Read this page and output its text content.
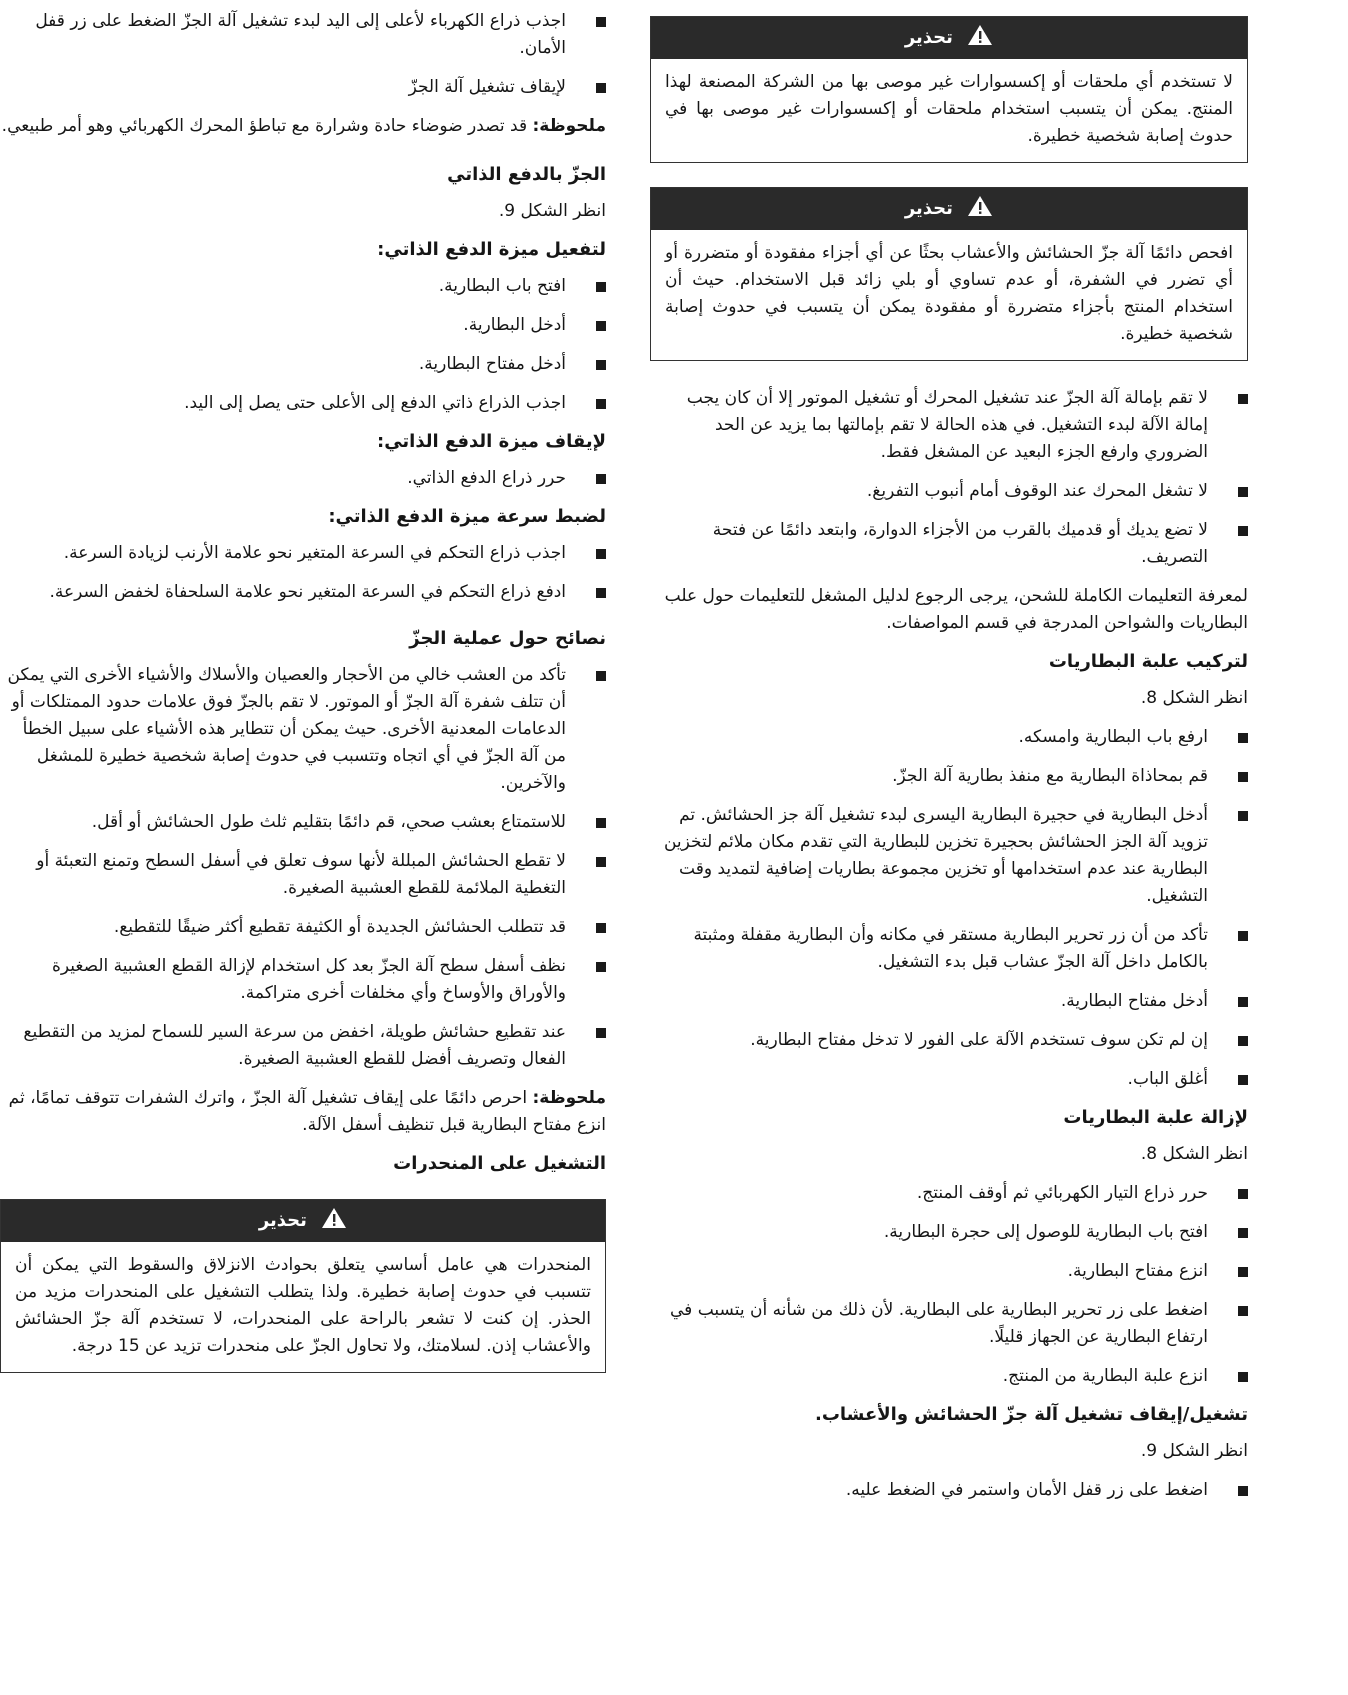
تحذير
لا تستخدم أي ملحقات أو إكسسوارات غير موصى بها من الشركة المصنعة لهذا المنتج. يمكن أن يتسبب استخدام ملحقات أو إكسسوارات غير موصى بها في حدوث إصابة شخصية خطيرة.
تحذير
افحص دائمًا آلة جزّ الحشائش والأعشاب بحثًا عن أي أجزاء مفقودة أو متضررة أو أي تضرر في الشفرة، أو عدم تساوي أو بلي زائد قبل الاستخدام. حيث أن استخدام المنتج بأجزاء متضررة أو مفقودة يمكن أن يتسبب في حدوث إصابة شخصية خطيرة.
لا تقم بإمالة آلة الجزّ عند تشغيل المحرك أو تشغيل الموتور إلا أن كان يجب إمالة الآلة لبدء التشغيل. في هذه الحالة لا تقم بإمالتها بما يزيد عن الحد الضروري وارفع الجزء البعيد عن المشغل فقط.
لا تشغل المحرك عند الوقوف أمام أنبوب التفريغ.
لا تضع يديك أو قدميك بالقرب من الأجزاء الدوارة، وابتعد دائمًا عن فتحة التصريف.

لمعرفة التعليمات الكاملة للشحن، يرجى الرجوع لدليل المشغل للتعليمات حول علب البطاريات والشواحن المدرجة في قسم المواصفات.

لتركيب علبة البطاريات

انظر الشكل 8.

ارفع باب البطارية وامسكه.
قم بمحاذاة البطارية مع منفذ بطارية آلة الجزّ.
أدخل البطارية في حجيرة البطارية اليسرى لبدء تشغيل آلة جز الحشائش. تم تزويد آلة الجز الحشائش بحجيرة تخزين للبطارية التي تقدم مكان ملائم لتخزين البطارية عند عدم استخدامها أو تخزين مجموعة بطاريات إضافية لتمديد وقت التشغيل.
تأكد من أن زر تحرير البطارية مستقر في مكانه وأن البطارية مقفلة ومثبتة بالكامل داخل آلة الجزّ عشاب قبل بدء التشغيل.
أدخل مفتاح البطارية.
إن لم تكن سوف تستخدم الآلة على الفور لا تدخل مفتاح البطارية.
أغلق الباب.
لإزالة علبة البطاريات

انظر الشكل 8.

حرر ذراع التيار الكهربائي ثم أوقف المنتج.
افتح باب البطارية للوصول إلى حجرة البطارية.
انزع مفتاح البطارية.
اضغط على زر تحرير البطارية على البطارية. لأن ذلك من شأنه أن يتسبب في ارتفاع البطارية عن الجهاز قليلًا.
انزع علبة البطارية من المنتج.
تشغيل/إيقاف تشغيل آلة جزّ الحشائش والأعشاب.

انظر الشكل 9.

اضغط على زر قفل الأمان واستمر في الضغط عليه.
اجذب ذراع الكهرباء لأعلى إلى اليد لبدء تشغيل آلة الجزّ الضغط على زر قفل الأمان.
لإيقاف تشغيل آلة الجزّ

ملحوظة: قد تصدر ضوضاء حادة وشرارة مع تباطؤ المحرك الكهربائي وهو أمر طبيعي.

الجزّ بالدفع الذاتي

انظر الشكل 9.

لتفعيل ميزة الدفع الذاتي:
افتح باب البطارية.
أدخل البطارية.
أدخل مفتاح البطارية.
اجذب الذراع ذاتي الدفع إلى الأعلى حتى يصل إلى اليد.
لإيقاف ميزة الدفع الذاتي:
حرر ذراع الدفع الذاتي.
لضبط سرعة ميزة الدفع الذاتي:
اجذب ذراع التحكم في السرعة المتغير نحو علامة الأرنب لزيادة السرعة.
ادفع ذراع التحكم في السرعة المتغير نحو علامة السلحفاة لخفض السرعة.
نصائح حول عملية الجزّ
تأكد من العشب خالي من الأحجار والعصيان والأسلاك والأشياء الأخرى التي يمكن أن تتلف شفرة آلة الجزّ أو الموتور. لا تقم بالجزّ فوق علامات حدود الممتلكات أو الدعامات المعدنية الأخرى. حيث يمكن أن تتطاير هذه الأشياء على سبيل الخطأ من آلة الجزّ في أي اتجاه وتتسبب في حدوث إصابة شخصية خطيرة للمشغل والآخرين.
للاستمتاع بعشب صحي، قم دائمًا بتقليم ثلث طول الحشائش أو أقل.
لا تقطع الحشائش المبللة لأنها سوف تعلق في أسفل السطح وتمنع التعبئة أو التغطية الملائمة للقطع العشبية الصغيرة.
قد تتطلب الحشائش الجديدة أو الكثيفة تقطيع أكثر ضيقًا للتقطيع.
نظف أسفل سطح آلة الجزّ بعد كل استخدام لإزالة القطع العشبية الصغيرة والأوراق والأوساخ وأي مخلفات أخرى متراكمة.
عند تقطيع حشائش طويلة، اخفض من سرعة السير للسماح لمزيد من التقطيع الفعال وتصريف أفضل للقطع العشبية الصغيرة.

ملحوظة: احرص دائمًا على إيقاف تشغيل آلة الجزّ ، واترك الشفرات تتوقف تمامًا، ثم انزع مفتاح البطارية قبل تنظيف أسفل الآلة.

التشغيل على المنحدرات
تحذير
المنحدرات هي عامل أساسي يتعلق بحوادث الانزلاق والسقوط التي يمكن أن تتسبب في حدوث إصابة خطيرة. ولذا يتطلب التشغيل على المنحدرات مزيد من الحذر. إن كنت لا تشعر بالراحة على المنحدرات، لا تستخدم آلة جزّ الحشائش والأعشاب إذن. لسلامتك، ولا تحاول الجزّ على منحدرات تزيد عن 15 درجة.
